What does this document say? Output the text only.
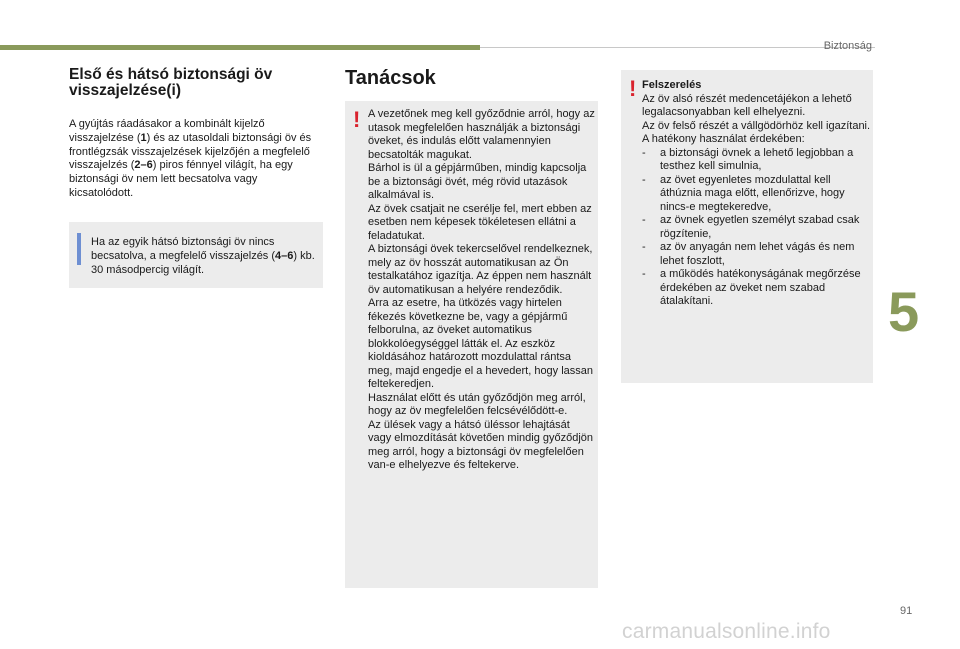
Biztonság
5
Első és hátsó biztonsági öv visszajelzése(i)

A gyújtás ráadásakor a kombinált kijelző visszajelzése (1) és az utasoldali biztonsági öv és frontlégzsák visszajelzések kijelzőjén a megfelelő visszajelzés (2–6) piros fénnyel világít, ha egy biztonsági öv nem lett becsatolva vagy kicsatolódott.

Ha az egyik hátsó biztonsági öv nincs becsatolva, a megfelelő visszajelzés (4–6) kb. 30 másodpercig világít.

Tanácsok
! A vezetőnek meg kell győződnie arról, hogy az utasok megfelelően használják a biztonsági öveket, és indulás előtt valamennyien becsatolták magukat.
Bárhol is ül a gépjárműben, mindig kapcsolja be a biztonsági övét, még rövid utazások alkalmával is.
Az övek csatjait ne cserélje fel, mert ebben az esetben nem képesek tökéletesen ellátni a feladatukat.
A biztonsági övek tekercselővel rendelkeznek, mely az öv hosszát automatikusan az Ön testalkatához igazítja. Az éppen nem használt öv automatikusan a helyére rendeződik.
Arra az esetre, ha ütközés vagy hirtelen fékezés következne be, vagy a gépjármű felborulna, az öveket automatikus blokkolóegységgel látták el. Az eszköz kioldásához határozott mozdulattal rántsa meg, majd engedje el a hevedert, hogy lassan feltekeredjen.
Használat előtt és után győződjön meg arról, hogy az öv megfelelően felcsévélődött-e.
Az ülések vagy a hátsó üléssor lehajtását vagy elmozdítását követően mindig győződjön meg arról, hogy a biztonsági öv megfelelően van-e elhelyezve és feltekerve.

! Felszerelés
Az öv alsó részét medencetájékon a lehető legalacsonyabban kell elhelyezni.
Az öv felső részét a vállgödörhöz kell igazítani.
A hatékony használat érdekében:
- a biztonsági övnek a lehető legjobban a testhez kell simulnia,
- az övet egyenletes mozdulattal kell áthúznia maga előtt, ellenőrizve, hogy nincs-e megtekeredve,
- az övnek egyetlen személyt szabad csak rögzítenie,
- az öv anyagán nem lehet vágás és nem lehet foszlott,
- a működés hatékonyságának megőrzése érdekében az öveket nem szabad átalakítani.
91
carmanualsonline.info
